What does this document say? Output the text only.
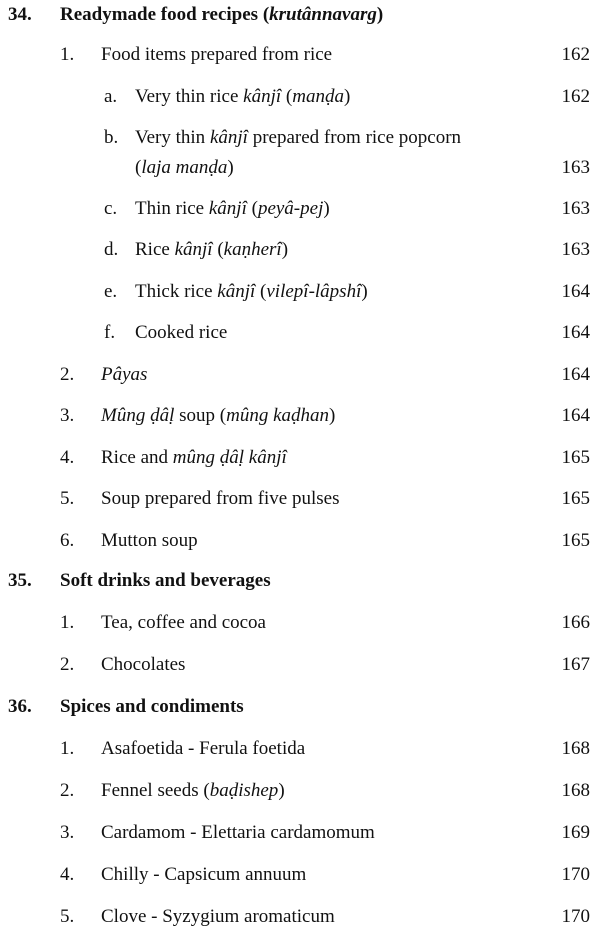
34. Readymade food recipes (krutânnavarg)
1. Food items prepared from rice	162
a. Very thin rice kânjî (manḍa)	162
b. Very thin kânjî prepared from rice popcorn
(laja manḍa)	163
c. Thin rice kânjî (peyâ-pej)	163
d. Rice kânjî (kaṇherî)	163
e. Thick rice kânjî (vilepî-lâpshî)	164
f. Cooked rice	164
2. Pâyas	164
3. Mûng ḍâḷ soup (mûng kaḍhan)	164
4. Rice and mûng ḍâḷ kânjî	165
5. Soup prepared from five pulses	165
6. Mutton soup	165
35. Soft drinks and beverages
1. Tea, coffee and cocoa	166
2. Chocolates	167
36. Spices and condiments
1. Asafoetida - Ferula foetida	168
2. Fennel seeds (baḍishep)	168
3. Cardamom - Elettaria cardamomum	169
4. Chilly - Capsicum annuum	170
5. Clove - Syzygium aromaticum	170
